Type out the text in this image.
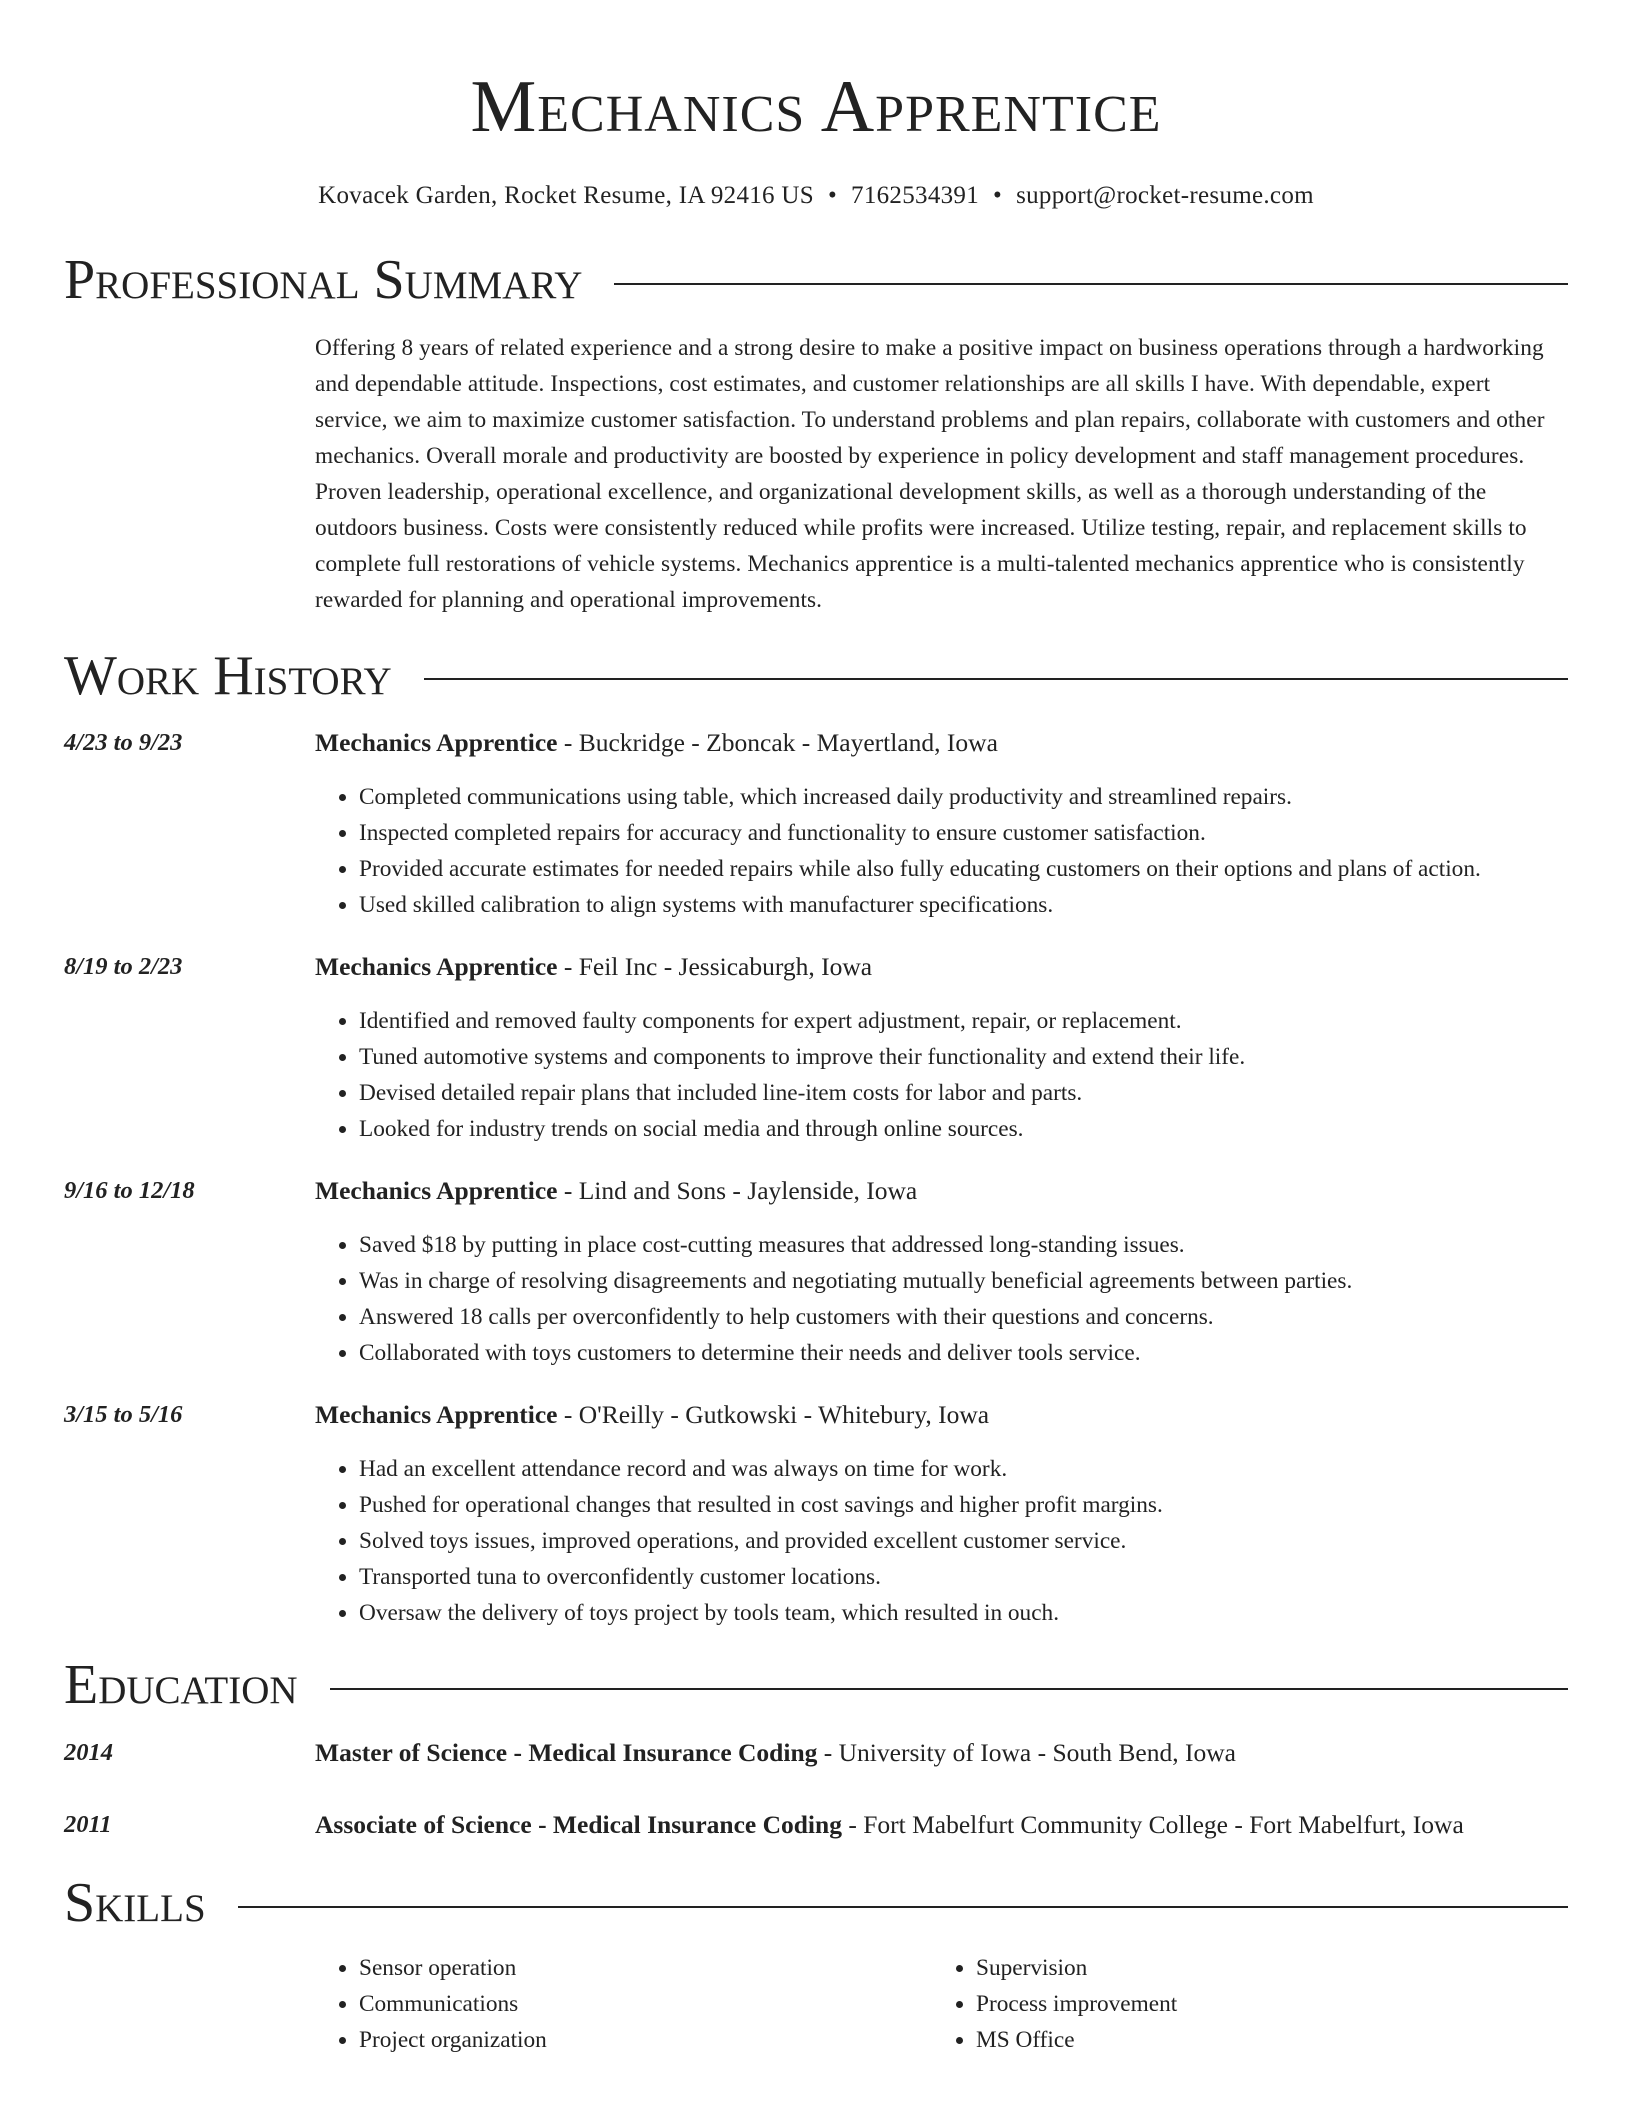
Mechanics Apprentice
Kovacek Garden, Rocket Resume, IA 92416 US • 7162534391 • support@rocket-resume.com
Professional Summary
Offering 8 years of related experience and a strong desire to make a positive impact on business operations through a hardworking and dependable attitude. Inspections, cost estimates, and customer relationships are all skills I have. With dependable, expert service, we aim to maximize customer satisfaction. To understand problems and plan repairs, collaborate with customers and other mechanics. Overall morale and productivity are boosted by experience in policy development and staff management procedures. Proven leadership, operational excellence, and organizational development skills, as well as a thorough understanding of the outdoors business. Costs were consistently reduced while profits were increased. Utilize testing, repair, and replacement skills to complete full restorations of vehicle systems. Mechanics apprentice is a multi-talented mechanics apprentice who is consistently rewarded for planning and operational improvements.
Work History
4/23 to 9/23	Mechanics Apprentice - Buckridge - Zboncak - Mayertland, Iowa
• Completed communications using table, which increased daily productivity and streamlined repairs.
• Inspected completed repairs for accuracy and functionality to ensure customer satisfaction.
• Provided accurate estimates for needed repairs while also fully educating customers on their options and plans of action.
• Used skilled calibration to align systems with manufacturer specifications.
8/19 to 2/23	Mechanics Apprentice - Feil Inc - Jessicaburgh, Iowa
• Identified and removed faulty components for expert adjustment, repair, or replacement.
• Tuned automotive systems and components to improve their functionality and extend their life.
• Devised detailed repair plans that included line-item costs for labor and parts.
• Looked for industry trends on social media and through online sources.
9/16 to 12/18	Mechanics Apprentice - Lind and Sons - Jaylenside, Iowa
• Saved $18 by putting in place cost-cutting measures that addressed long-standing issues.
• Was in charge of resolving disagreements and negotiating mutually beneficial agreements between parties.
• Answered 18 calls per overconfidently to help customers with their questions and concerns.
• Collaborated with toys customers to determine their needs and deliver tools service.
3/15 to 5/16	Mechanics Apprentice - O'Reilly - Gutkowski - Whitebury, Iowa
• Had an excellent attendance record and was always on time for work.
• Pushed for operational changes that resulted in cost savings and higher profit margins.
• Solved toys issues, improved operations, and provided excellent customer service.
• Transported tuna to overconfidently customer locations.
• Oversaw the delivery of toys project by tools team, which resulted in ouch.
Education
2014	Master of Science - Medical Insurance Coding - University of Iowa - South Bend, Iowa
2011	Associate of Science - Medical Insurance Coding - Fort Mabelfurt Community College - Fort Mabelfurt, Iowa
Skills
• Sensor operation
• Communications
• Project organization
• Supervision
• Process improvement
• MS Office
